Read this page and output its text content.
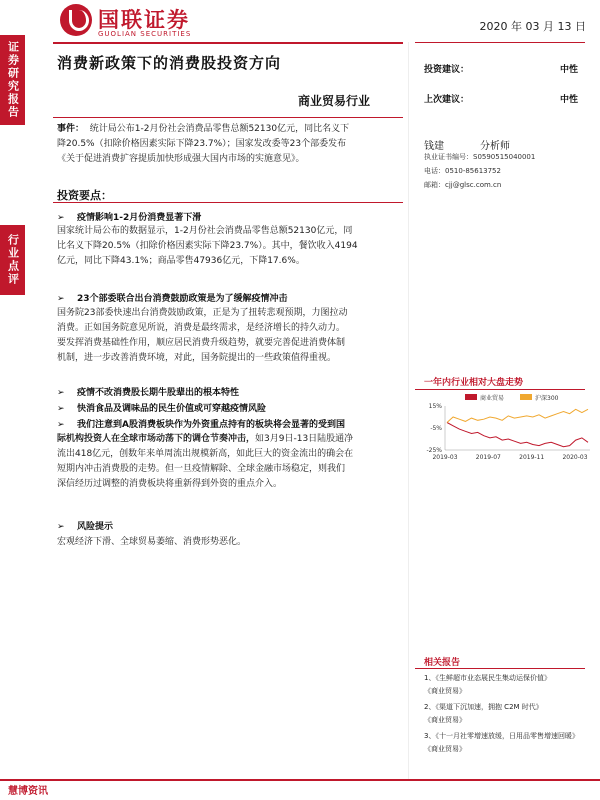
国联证券
GUOLIAN SECURITIES
2020 年 03 月 13 日
证券研究报告
行业点评
消费新政策下的消费股投资方向
商业贸易行业
事件： 统计局公布1-2月份社会消费品零售总额52130亿元，同比名义下
降20.5%（扣除价格因素实际下降23.7%）；国家发改委等23个部委发布
《关于促进消费扩容提质加快形成强大国内市场的实施意见》。
投资要点：
➢ 疫情影响1-2月份消费显著下滑
国家统计局公布的数据显示，1-2月份社会消费品零售总额52130亿元，同
比名义下降20.5%（扣除价格因素实际下降23.7%）。其中，餐饮收入4194
亿元，同比下降43.1%；商品零售47936亿元，下降17.6%。
➢ 23个部委联合出台消费鼓励政策是为了缓解疫情冲击
国务院23部委快速出台消费鼓励政策，正是为了扭转悲观预期，力图拉动
消费。正如国务院意见所说，消费是最终需求，是经济增长的持久动力。
要发挥消费基础性作用，顺应居民消费升级趋势，就要完善促进消费体制
机制，进一步改善消费环境，对此，国务院提出的一些政策值得重视。
➢ 疫情不改消费股长期牛股辈出的根本特性
➢ 快消食品及调味品的民生价值或可穿越疫情风险
➢ 我们注意到A股消费板块作为外资重点持有的板块将会显著的受到国
际机构投资人在全球市场动荡下的调仓节奏冲击，如3月9日-13日陆股通净
流出418亿元，创数年来单周流出规模新高，如此巨大的资金流出的确会在
短期内冲击消费股的走势。但一旦疫情解除、全球金融市场稳定，则我们
深信经历过调整的消费板块将重新得到外资的重点介入。
➢ 风险提示
宏观经济下滑、全球贸易萎缩、消费形势恶化。
投资建议：	中性
上次建议：	中性
钱建	分析师
执业证书编号：S0590515040001
电话：0510-85613752
邮箱：cjj@glsc.com.cn
一年内行业相对大盘走势
商业贸易	沪深300
15%
-5%
-25%
2019-03	2019-07	2019-11	2020-03
相关报告
1、《生鲜超市业态展民生集动运保价值》
《商业贸易》
2、《渠道下沉加速，拥抱 C2M 时代》
《商业贸易》
3、《十一月社零增速放缓，日用品零售增速回暖》
《商业贸易》
慧博资讯
